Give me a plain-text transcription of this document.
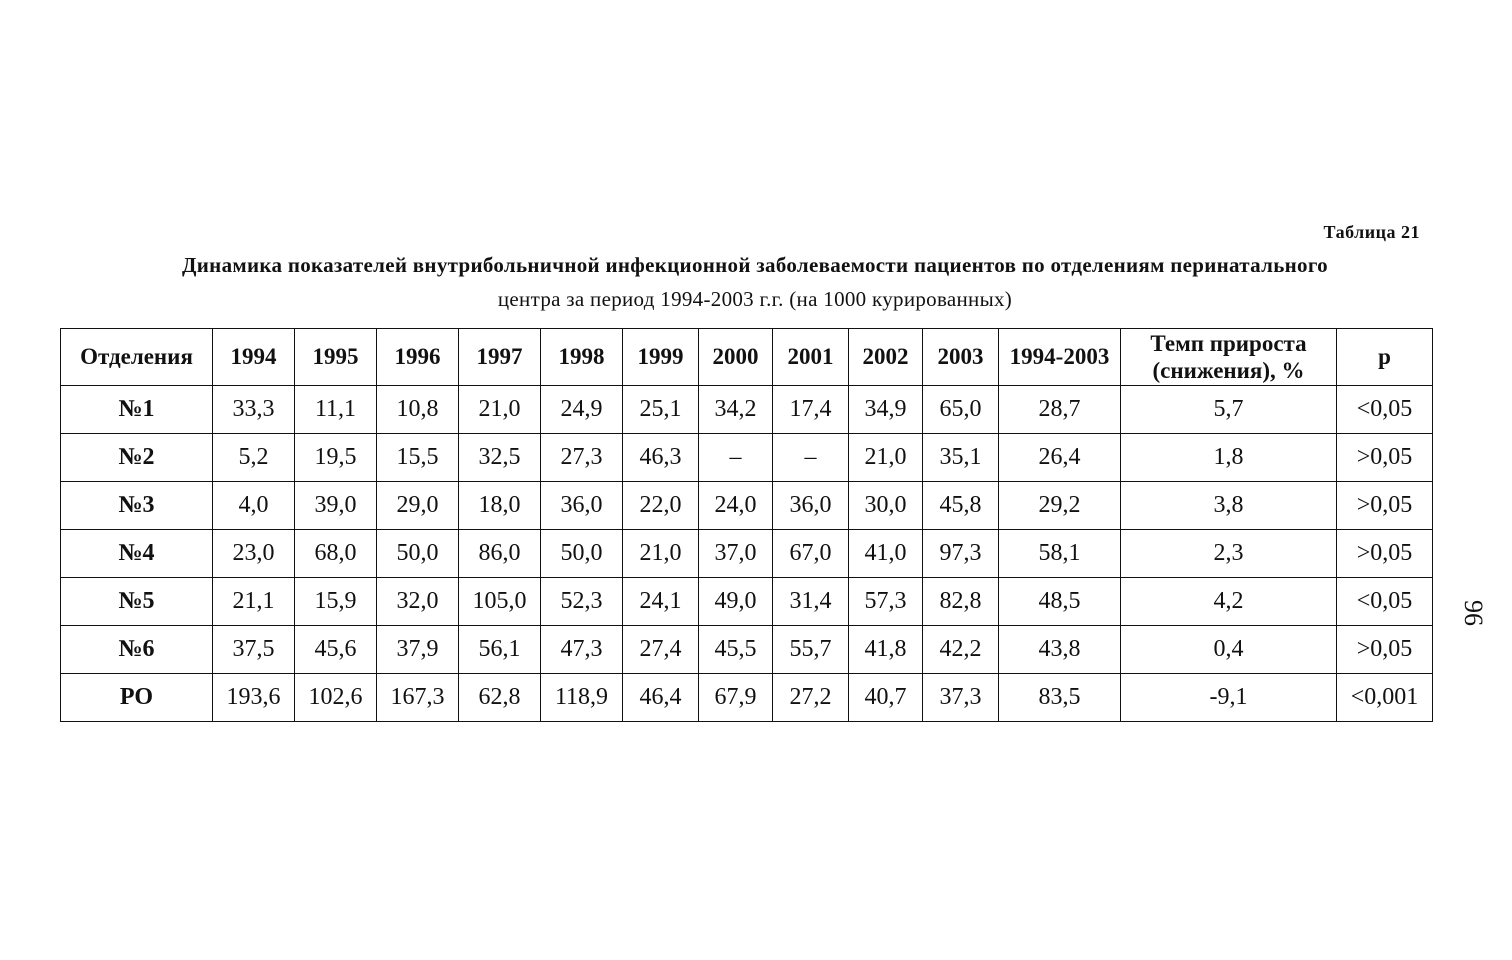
Таблица 21
Динамика показателей внутрибольничной инфекционной заболеваемости пациентов по отделениям перинатального
центра за период 1994-2003 г.г. (на 1000 курированных)
Отделения	1994	1995	1996	1997	1998	1999	2000	2001	2002	2003	1994-2003	Темп прироста (снижения), %	р
№1	33,3	11,1	10,8	21,0	24,9	25,1	34,2	17,4	34,9	65,0	28,7	5,7	<0,05
№2	5,2	19,5	15,5	32,5	27,3	46,3	–	–	21,0	35,1	26,4	1,8	>0,05
№3	4,0	39,0	29,0	18,0	36,0	22,0	24,0	36,0	30,0	45,8	29,2	3,8	>0,05
№4	23,0	68,0	50,0	86,0	50,0	21,0	37,0	67,0	41,0	97,3	58,1	2,3	>0,05
№5	21,1	15,9	32,0	105,0	52,3	24,1	49,0	31,4	57,3	82,8	48,5	4,2	<0,05
№6	37,5	45,6	37,9	56,1	47,3	27,4	45,5	55,7	41,8	42,2	43,8	0,4	>0,05
РО	193,6	102,6	167,3	62,8	118,9	46,4	67,9	27,2	40,7	37,3	83,5	-9,1	<0,001
96
